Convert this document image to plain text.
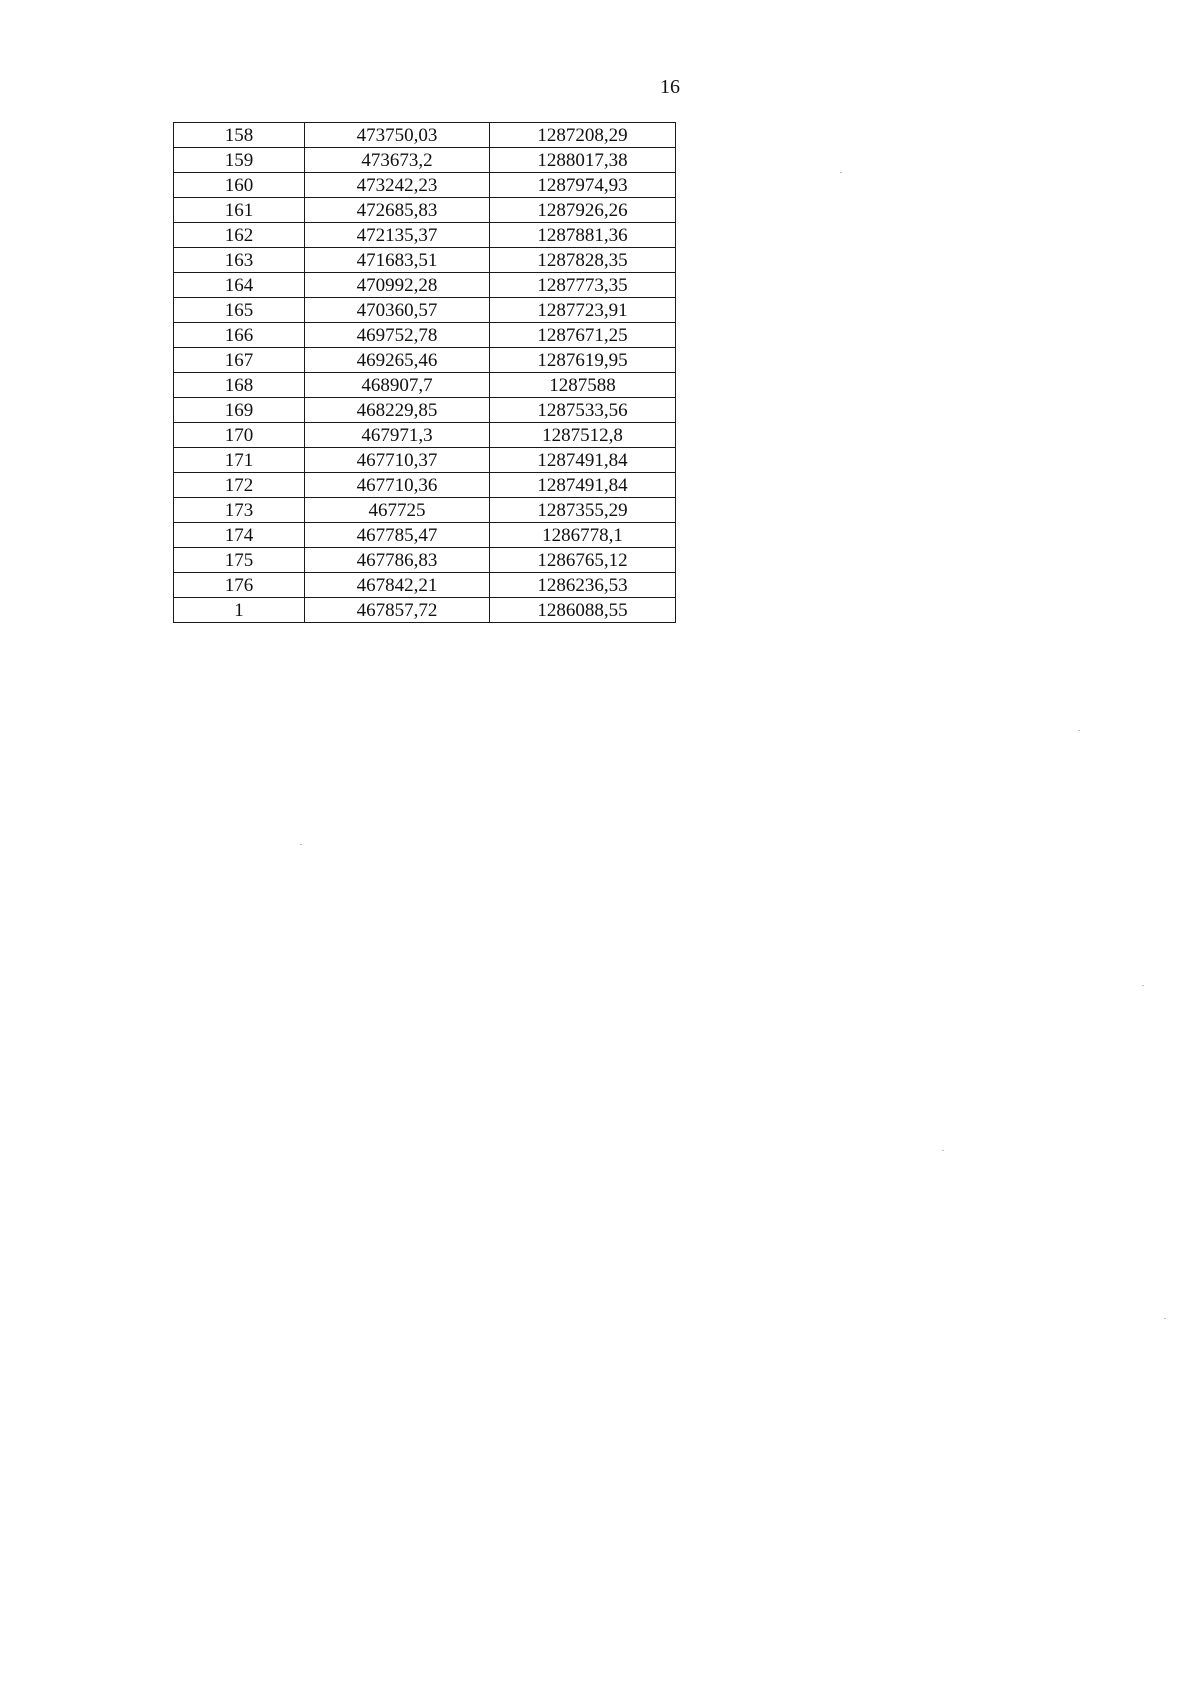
16
158	473750,03	1287208,29
159	473673,2	1288017,38
160	473242,23	1287974,93
161	472685,83	1287926,26
162	472135,37	1287881,36
163	471683,51	1287828,35
164	470992,28	1287773,35
165	470360,57	1287723,91
166	469752,78	1287671,25
167	469265,46	1287619,95
168	468907,7	1287588
169	468229,85	1287533,56
170	467971,3	1287512,8
171	467710,37	1287491,84
172	467710,36	1287491,84
173	467725	1287355,29
174	467785,47	1286778,1
175	467786,83	1286765,12
176	467842,21	1286236,53
1	467857,72	1286088,55
